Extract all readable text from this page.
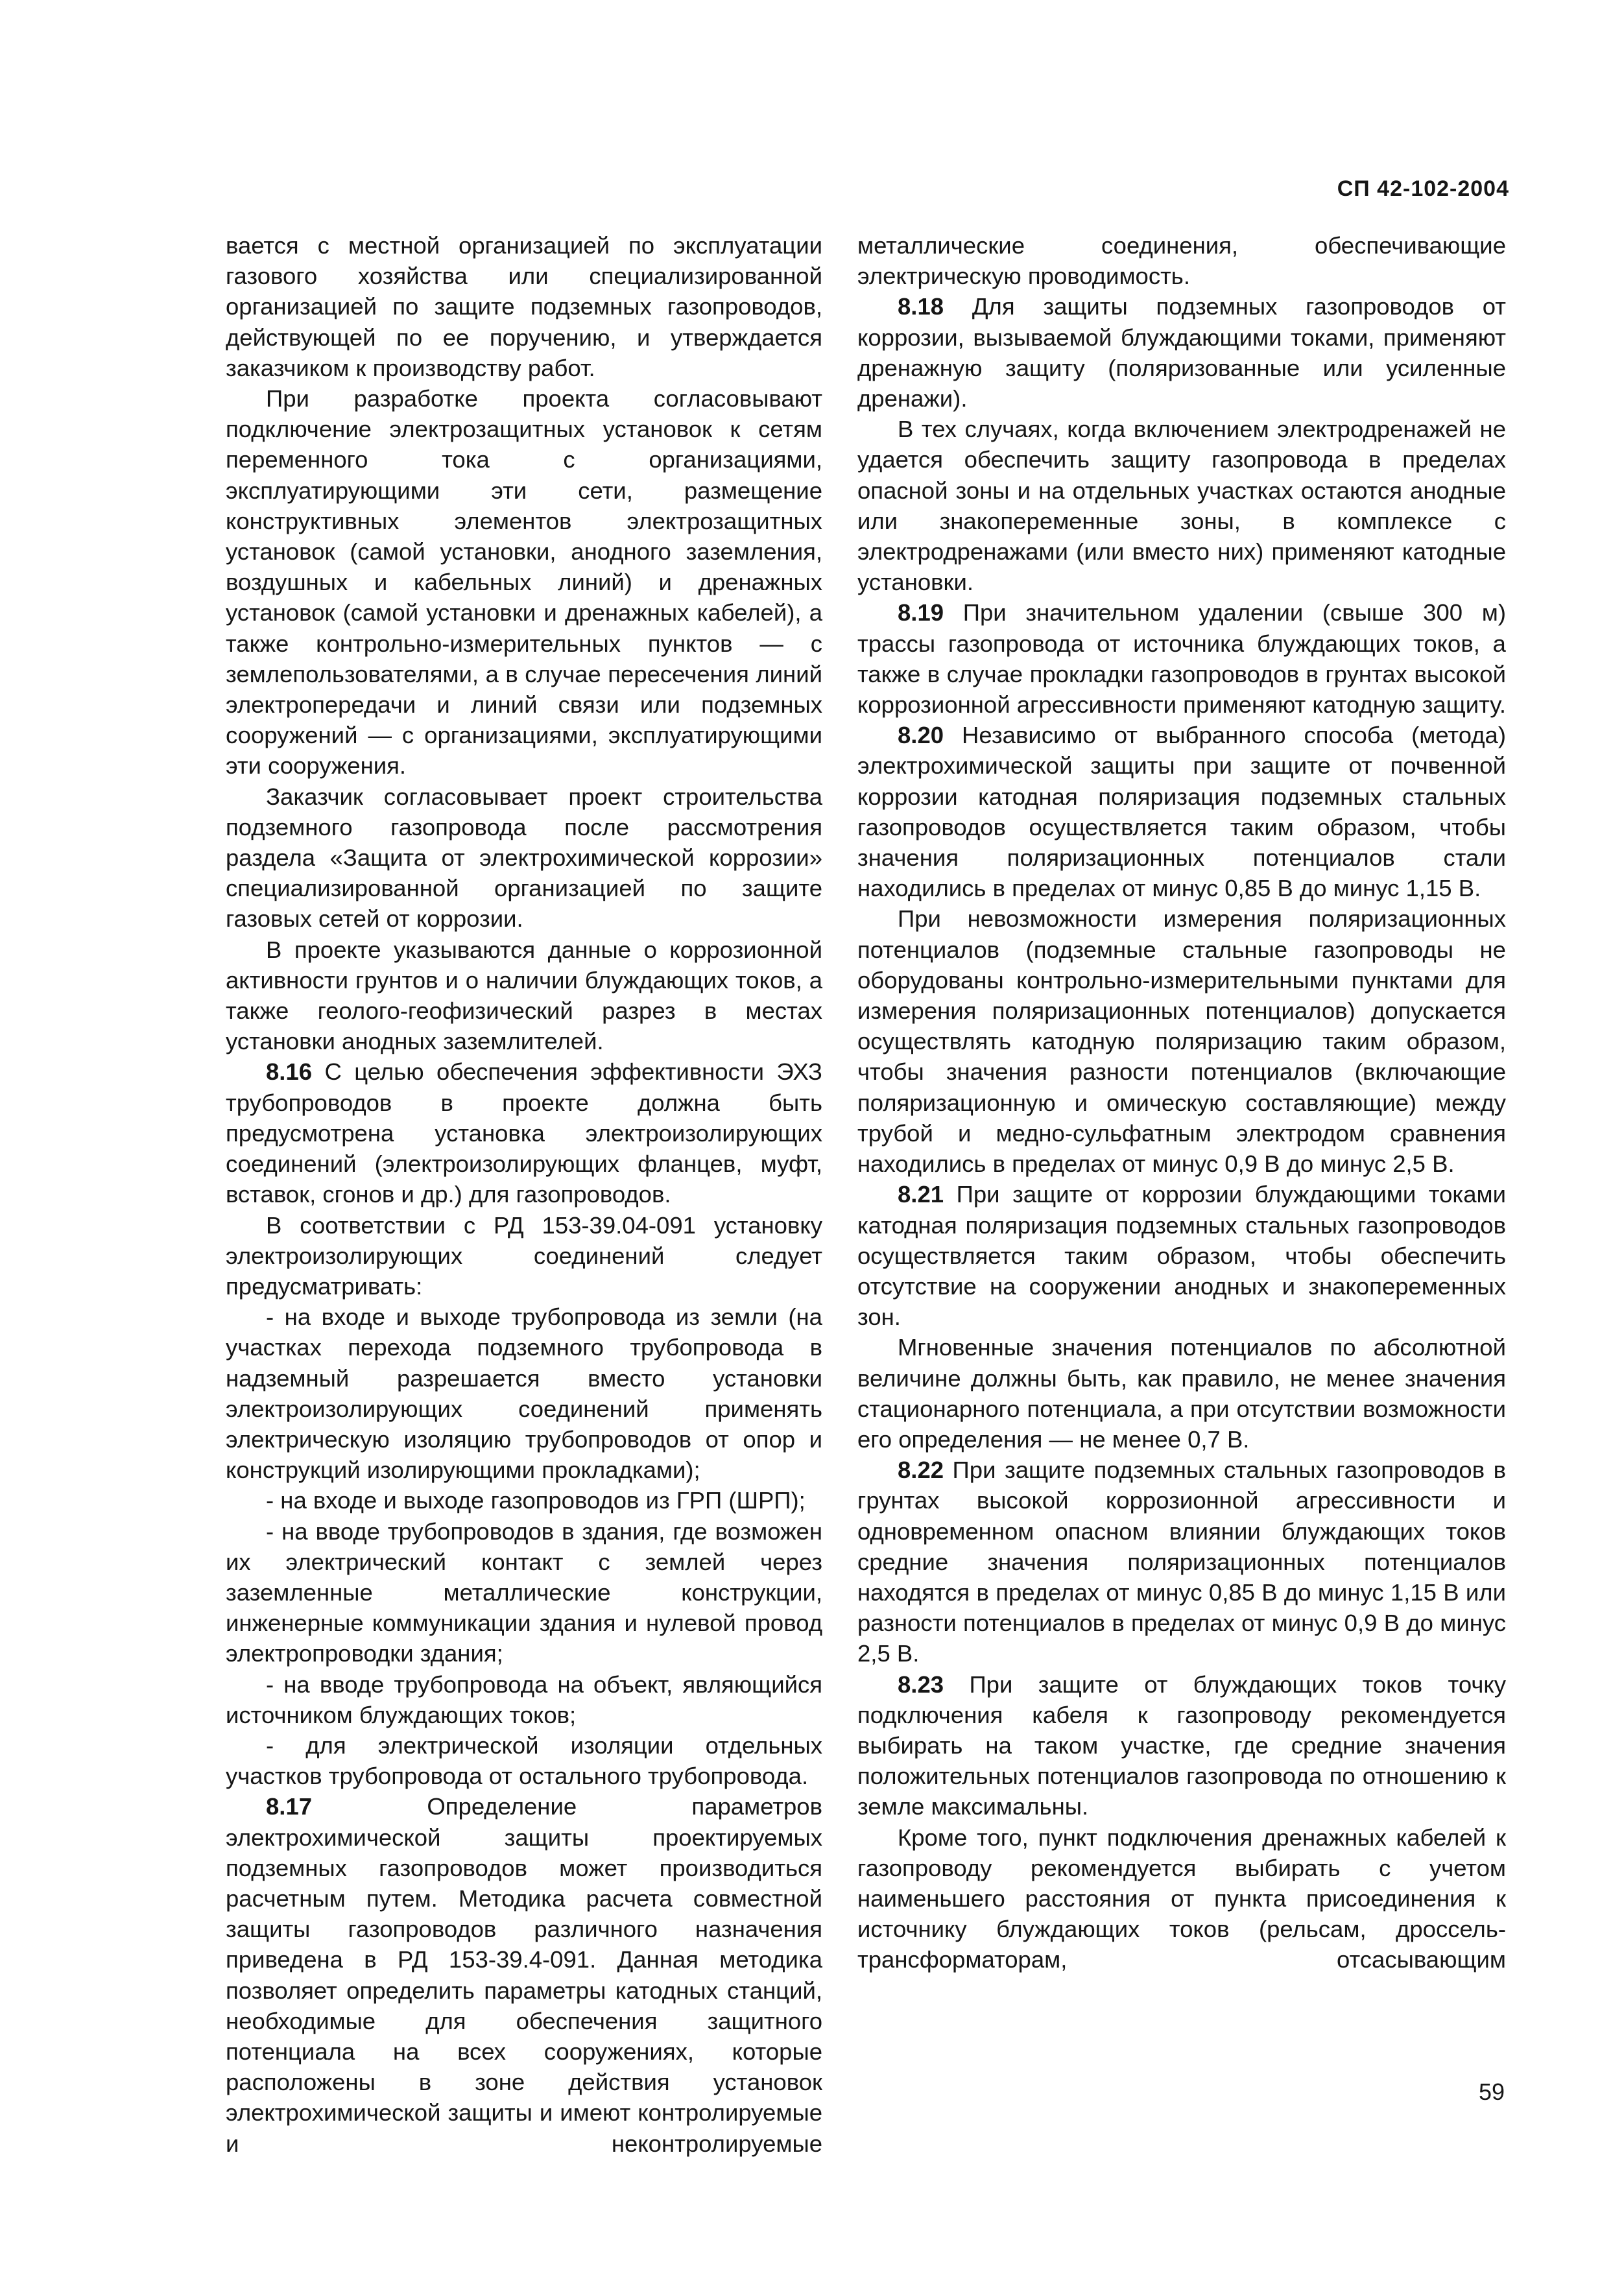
СП 42-102-2004

вается с местной организацией по эксплуатации газового хозяйства или специализированной организацией по защите подземных газопроводов, действующей по ее поручению, и утверждается заказчиком к производству работ.

При разработке проекта согласовывают подключение электрозащитных установок к сетям переменного тока с организациями, эксплуатирующими эти сети, размещение конструктивных элементов электрозащитных установок (самой установки, анодного заземления, воздушных и кабельных линий) и дренажных установок (самой установки и дренажных кабелей), а также контрольно-измерительных пунктов — с землепользователями, а в случае пересечения линий электропередачи и линий связи или подземных сооружений — с организациями, эксплуатирующими эти сооружения.

Заказчик согласовывает проект строительства подземного газопровода после рассмотрения раздела «Защита от электрохимической коррозии» специализированной организацией по защите газовых сетей от коррозии.

В проекте указываются данные о коррозионной активности грунтов и о наличии блуждающих токов, а также геолого-геофизический разрез в местах установки анодных заземлителей.

8.16 С целью обеспечения эффективности ЭХЗ трубопроводов в проекте должна быть предусмотрена установка электроизолирующих соединений (электроизолирующих фланцев, муфт, вставок, сгонов и др.) для газопроводов.

В соответствии с РД 153-39.04-091 установку электроизолирующих соединений следует предусматривать:

- на входе и выходе трубопровода из земли (на участках перехода подземного трубопровода в надземный разрешается вместо установки электроизолирующих соединений применять электрическую изоляцию трубопроводов от опор и конструкций изолирующими прокладками);

- на входе и выходе газопроводов из ГРП (ШРП);

- на вводе трубопроводов в здания, где возможен их электрический контакт с землей через заземленные металлические конструкции, инженерные коммуникации здания и нулевой провод электропроводки здания;

- на вводе трубопровода на объект, являющийся источником блуждающих токов;

- для электрической изоляции отдельных участков трубопровода от остального трубопровода.

8.17	Определение параметров электрохимической защиты проектируемых подземных газопроводов может производиться расчетным путем. Методика расчета совместной защиты газопроводов различного назначения приведена в РД 153-39.4-091. Данная методика позволяет определить параметры катодных станций, необходимые для обеспечения защитного потенциала на всех сооружениях, которые расположены в зоне действия установок электрохимической защиты и имеют контролируемые и неконтролируемые

металлические соединения, обеспечивающие электрическую проводимость.

8.18 Для защиты подземных газопроводов от коррозии, вызываемой блуждающими токами, применяют дренажную защиту (поляризованные или усиленные дренажи).

В тех случаях, когда включением электродренажей не удается обеспечить защиту газопровода в пределах опасной зоны и на отдельных участках остаются анодные или знакопеременные зоны, в комплексе с электродренажами (или вместо них) применяют катодные установки.

8.19 При значительном удалении (свыше 300 м) трассы газопровода от источника блуждающих токов, а также в случае прокладки газопроводов в грунтах высокой коррозионной агрессивности применяют катодную защиту.

8.20 Независимо от выбранного способа (метода) электрохимической защиты при защите от почвенной коррозии катодная поляризация подземных стальных газопроводов осуществляется таким образом, чтобы значения поляризационных потенциалов стали находились в пределах от минус 0,85 В до минус 1,15 В.

При невозможности измерения поляризационных потенциалов (подземные стальные газопроводы не оборудованы контрольно-измерительными пунктами для измерения поляризационных потенциалов) допускается осуществлять катодную поляризацию таким образом, чтобы значения разности потенциалов (включающие поляризационную и омическую составляющие) между трубой и медно-сульфатным электродом сравнения находились в пределах от минус 0,9 В до минус 2,5 В.

8.21 При защите от коррозии блуждающими токами катодная поляризация подземных стальных газопроводов осуществляется таким образом, чтобы обеспечить отсутствие на сооружении анодных и знакопеременных зон.

Мгновенные значения потенциалов по абсолютной величине должны быть, как правило, не менее значения стационарного потенциала, а при отсутствии возможности его определения — не менее 0,7 В.

8.22 При защите подземных стальных газопроводов в грунтах высокой коррозионной агрессивности и одновременном опасном влиянии блуждающих токов средние значения поляризационных потенциалов находятся в пределах от минус 0,85 В до минус 1,15 В или разности потенциалов в пределах от минус 0,9 В до минус 2,5 В.

8.23 При защите от блуждающих токов точку подключения кабеля к газопроводу рекомендуется выбирать на таком участке, где средние значения положительных потенциалов газопровода по отношению к земле максимальны.

Кроме того, пункт подключения дренажных кабелей к газопроводу рекомендуется выбирать с учетом наименьшего расстояния от пункта присоединения к источнику блуждающих токов (рельсам, дроссель-трансформаторам, отсасывающим

59
